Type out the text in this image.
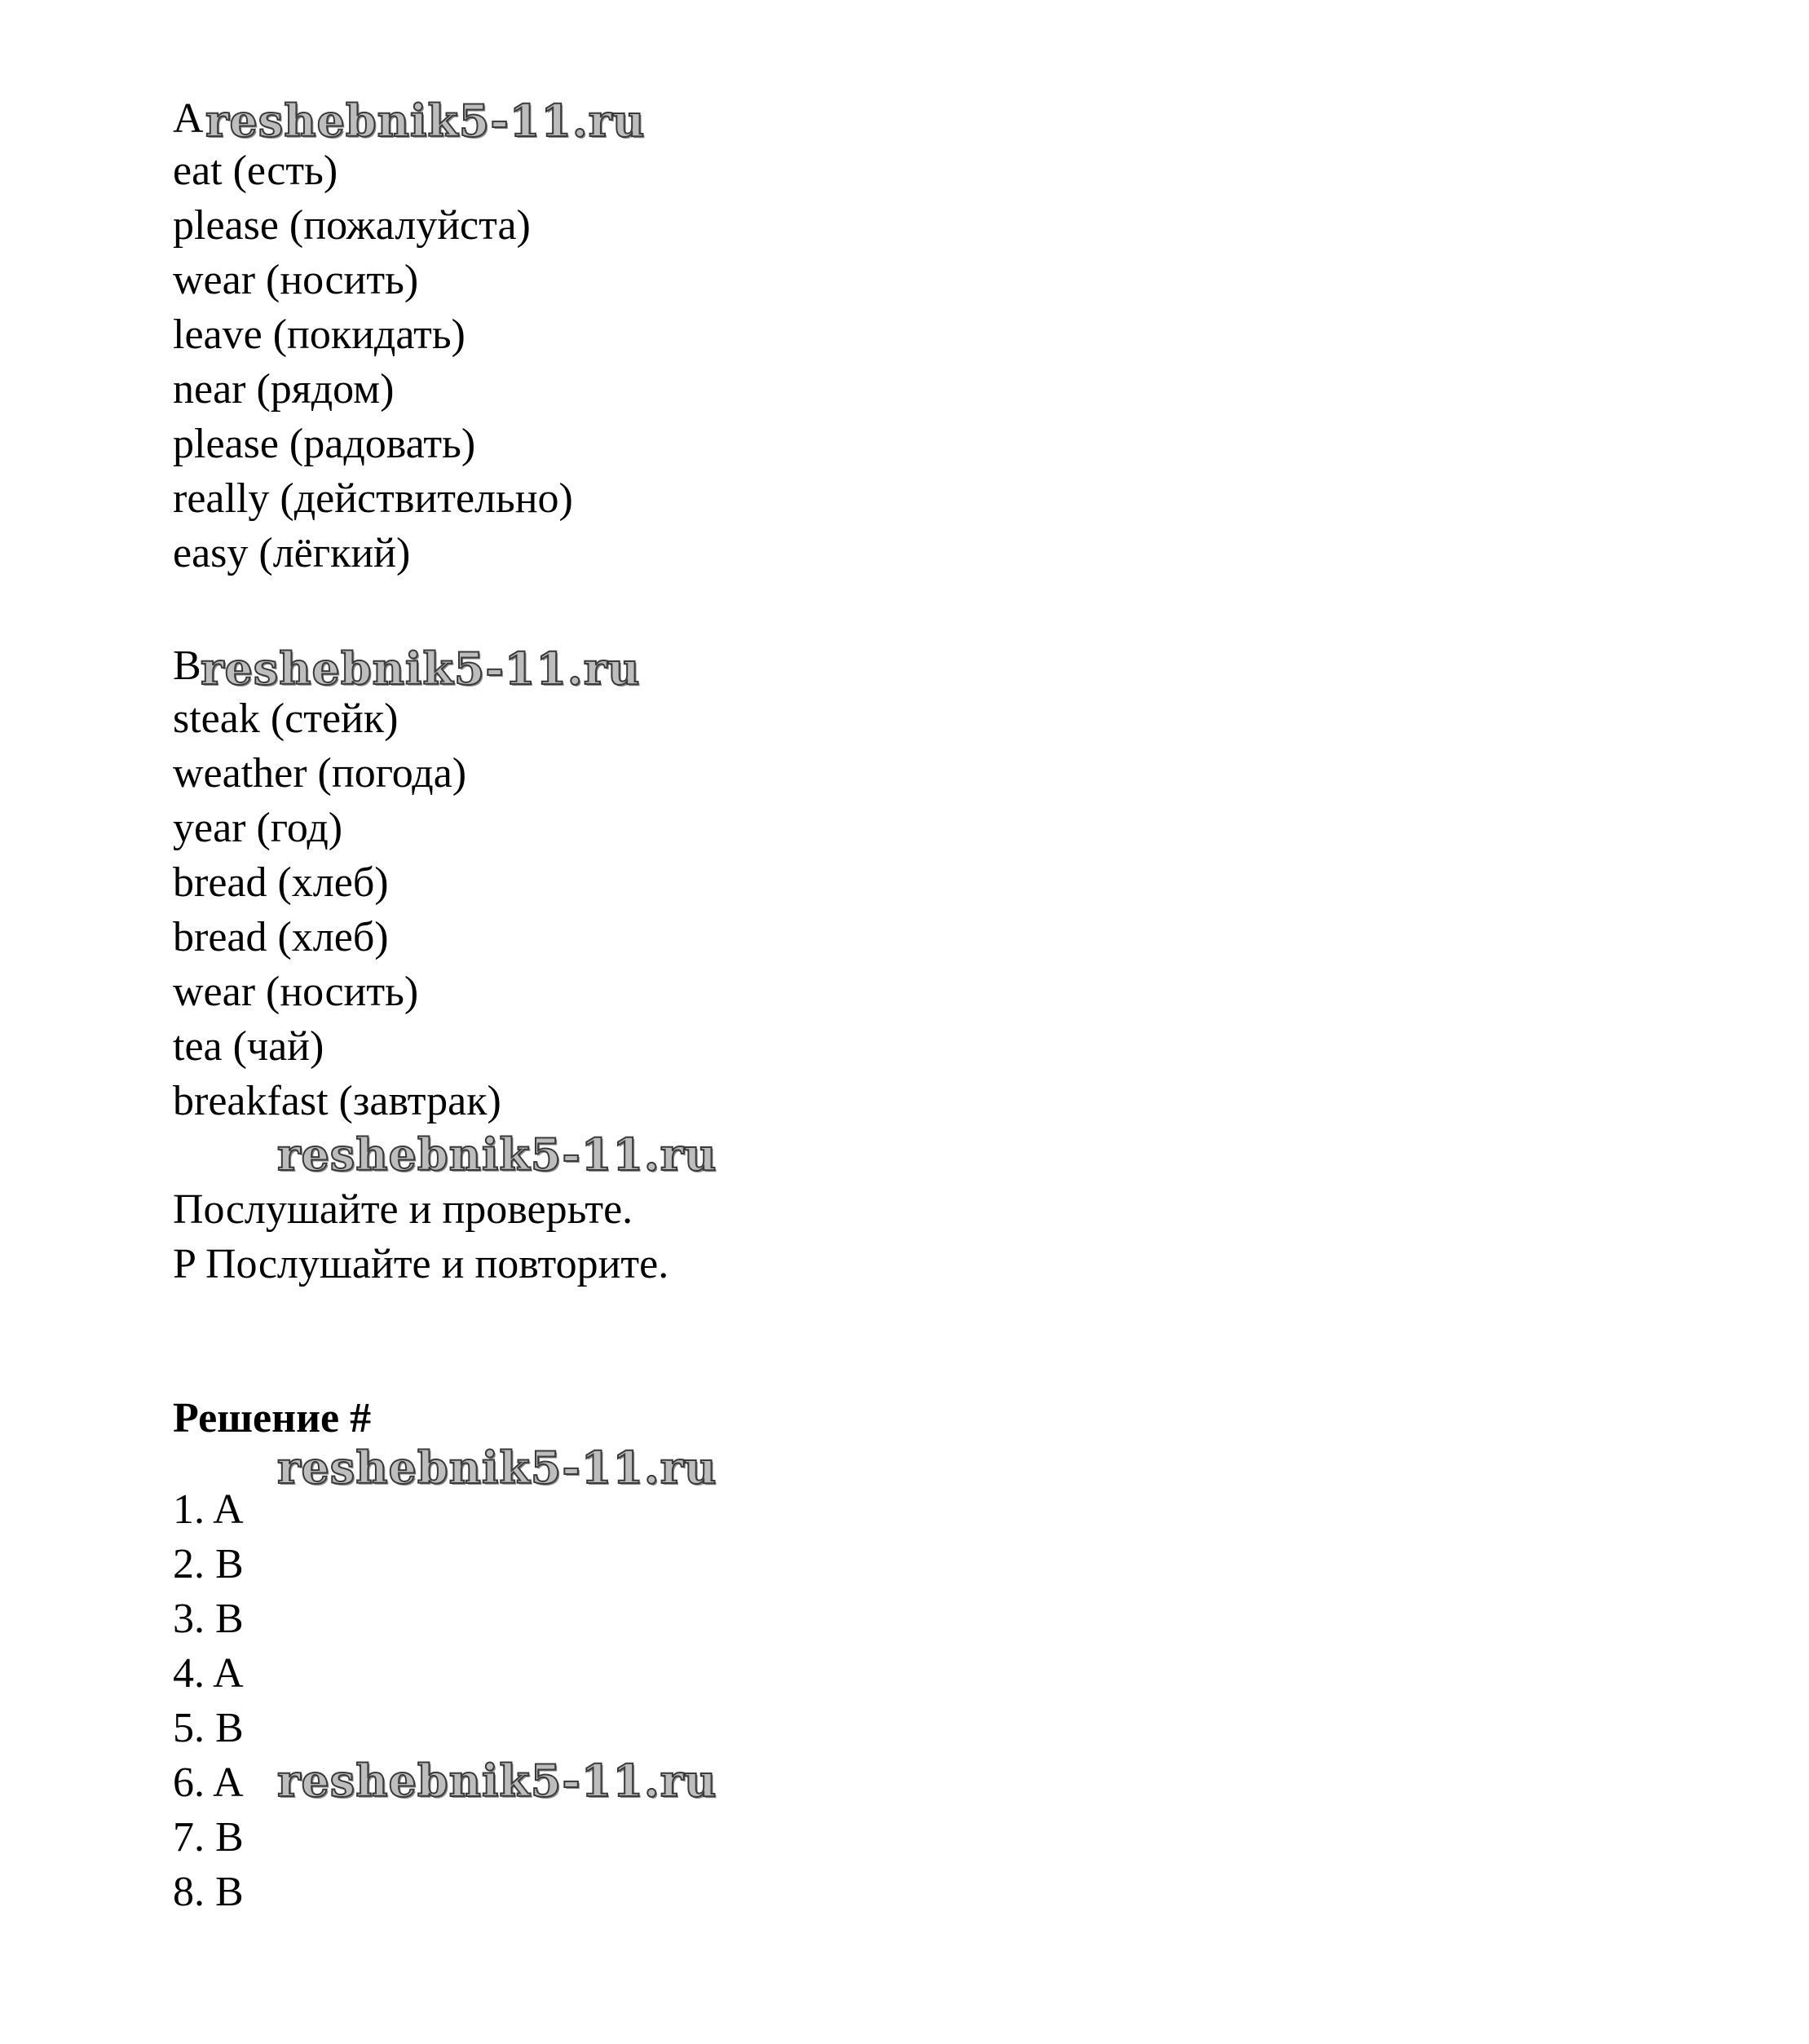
A reshebnik5-11.ru
eat (есть)
please (пожалуйста)
wear (носить)
leave (покидать)
near (рядом)
please (радовать)
really (действительно)
easy (лёгкий)
B reshebnik5-11.ru
steak (стейк)
weather (погода)
year (год)
bread (хлеб)
bread (хлеб)
wear (носить)
tea (чай)
breakfast (завтрак)
reshebnik5-11.ru
Послушайте и проверьте.
P Послушайте и повторите.
Решение #
reshebnik5-11.ru
1. A
2. B
3. B
4. A
5. B
6. A reshebnik5-11.ru
7. B
8. B
